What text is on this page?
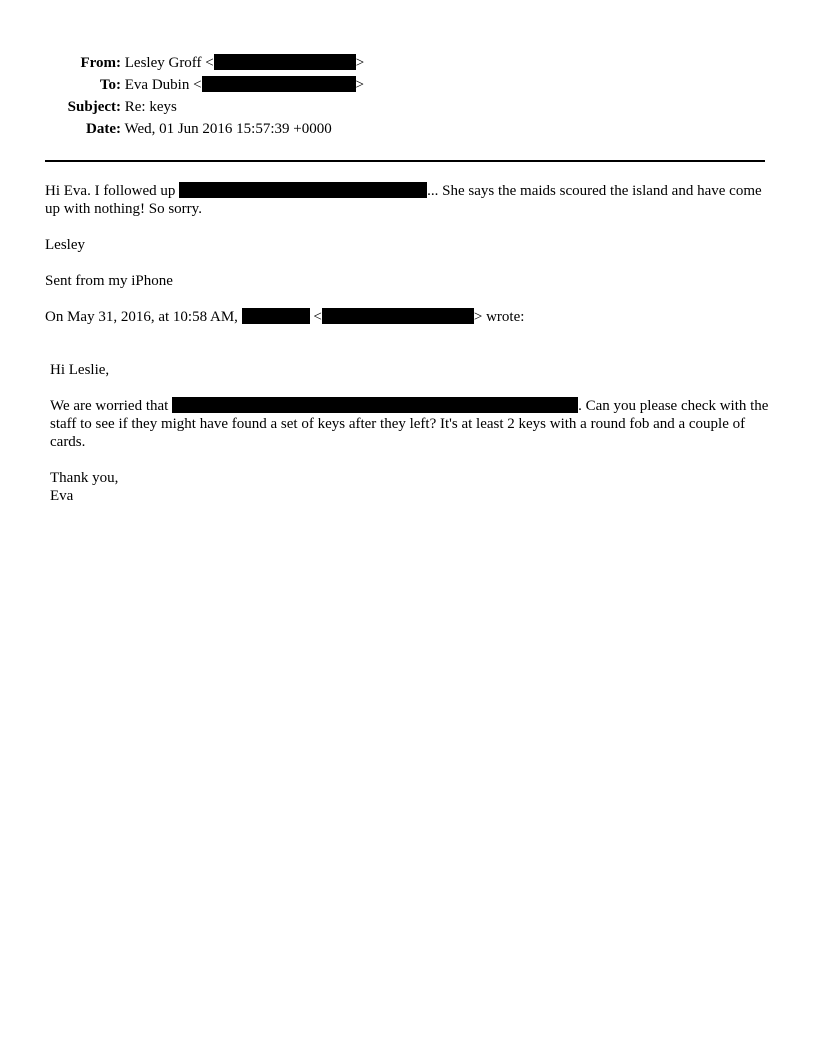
From: Lesley Groff <	>
To: Eva Dubin <	>
Subject: Re: keys
Date: Wed, 01 Jun 2016 15:57:39 +0000

Hi Eva. I followed up	... She says the maids scoured the island and have come up with nothing! So sorry.

Lesley

Sent from my iPhone

On May 31, 2016, at 10:58 AM,	<	> wrote:

Hi Leslie,

We are worried that	. Can you please check with the staff to see if they might have found a set of keys after they left? It's at least 2 keys with a round fob and a couple of cards.

Thank you,

Eva
